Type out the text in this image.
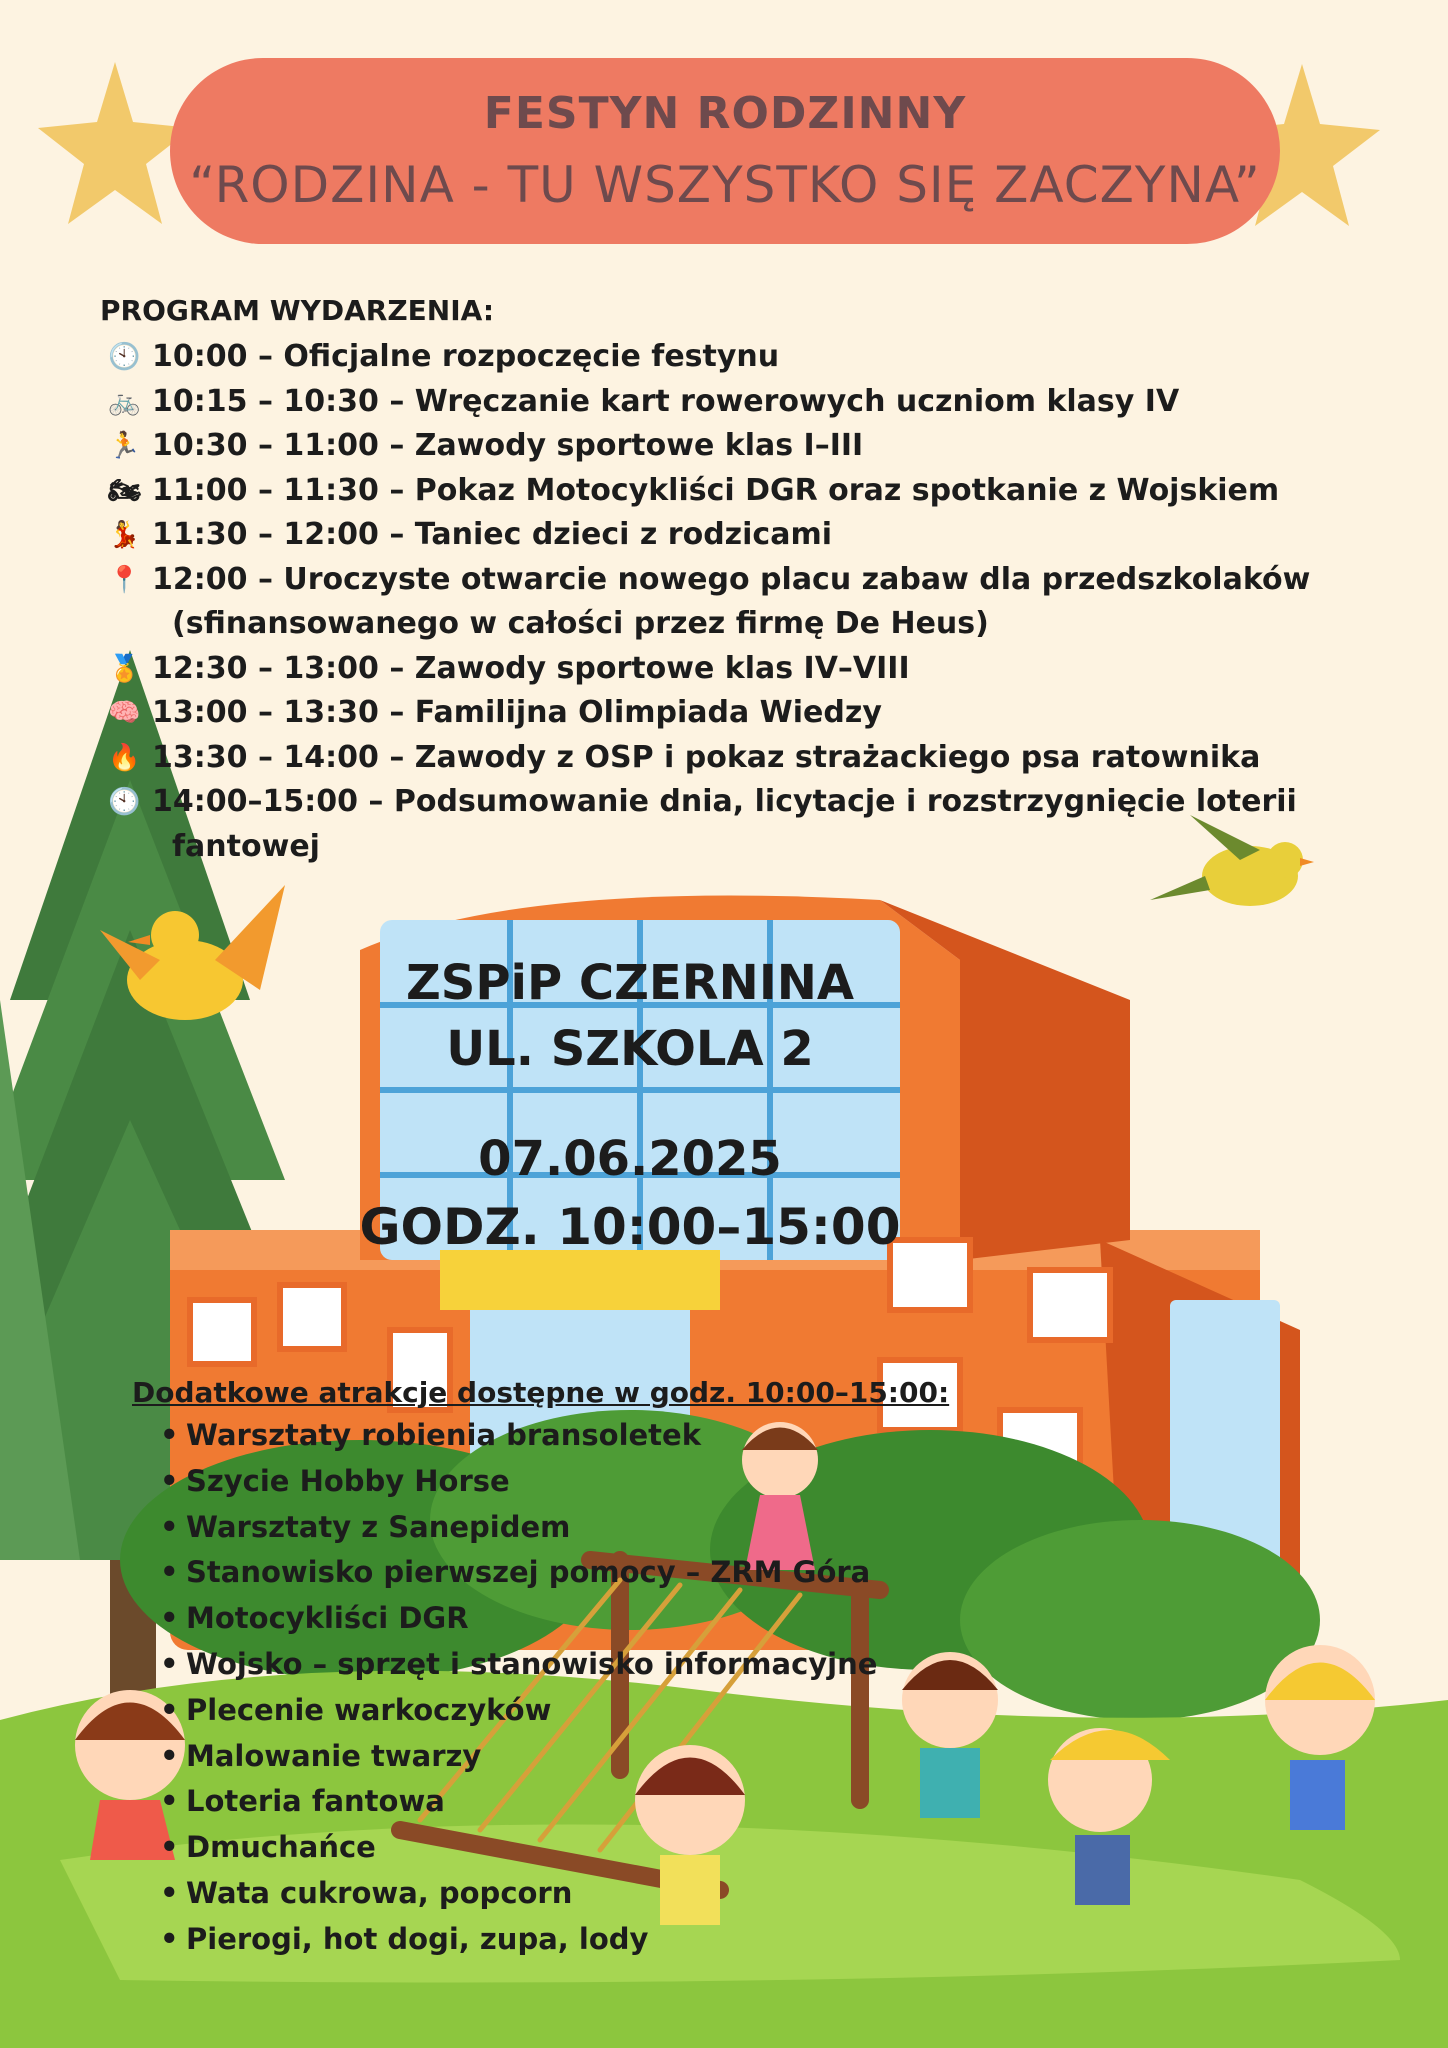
FESTYN RODZINNY
“RODZINA - TU WSZYSTKO SIĘ ZACZYNA”
PROGRAM WYDARZENIA:
🕙 10:00 – Oficjalne rozpoczęcie festynu
🚲 10:15 – 10:30 – Wręczanie kart rowerowych uczniom klasy IV
🏃 10:30 – 11:00 – Zawody sportowe klas I–III
🏍 11:00 – 11:30 – Pokaz Motocykliści DGR oraz spotkanie z Wojskiem
💃 11:30 – 12:00 – Taniec dzieci z rodzicami
📍 12:00 – Uroczyste otwarcie nowego placu zabaw dla przedszkolaków
(sfinansowanego w całości przez firmę De Heus)
🏅 12:30 – 13:00 – Zawody sportowe klas IV–VIII
🧠 13:00 – 13:30 – Familijna Olimpiada Wiedzy
🔥 13:30 – 14:00 – Zawody z OSP i pokaz strażackiego psa ratownika
🕙 14:00–15:00 – Podsumowanie dnia, licytacje i rozstrzygnięcie loterii
fantowej
ZSPiP CZERNINA
UL. SZKOLA 2
07.06.2025
GODZ. 10:00–15:00
Dodatkowe atrakcje dostępne w godz. 10:00–15:00:
• Warsztaty robienia bransoletek
• Szycie Hobby Horse
• Warsztaty z Sanepidem
• Stanowisko pierwszej pomocy – ZRM Góra
• Motocykliści DGR
• Wojsko – sprzęt i stanowisko informacyjne
• Plecenie warkoczyków
• Malowanie twarzy
• Loteria fantowa
• Dmuchańce
• Wata cukrowa, popcorn
• Pierogi, hot dogi, zupa, lody
